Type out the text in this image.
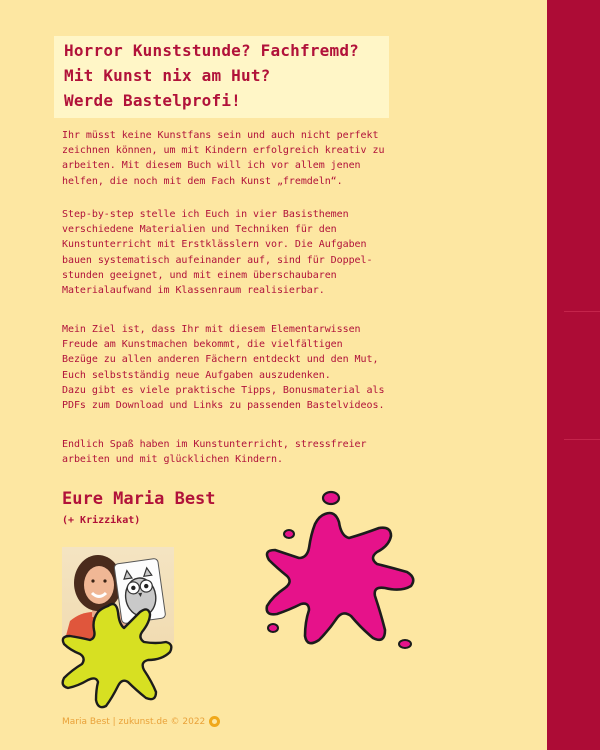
Horror Kunststunde? Fachfremd?
Mit Kunst nix am Hut?
Werde Bastelprofi!

Ihr müsst keine Kunstfans sein und auch nicht perfekt
zeichnen können, um mit Kindern erfolgreich kreativ zu
arbeiten. Mit diesem Buch will ich vor allem jenen
helfen, die noch mit dem Fach Kunst „fremdeln“.

Step-by-step stelle ich Euch in vier Basisthemen
verschiedene Materialien und Techniken für den
Kunstunterricht mit Erstklässlern vor. Die Aufgaben
bauen systematisch aufeinander auf, sind für Doppel-
stunden geeignet, und mit einem überschaubaren
Materialaufwand im Klassenraum realisierbar.

Mein Ziel ist, dass Ihr mit diesem Elementarwissen
Freude am Kunstmachen bekommt, die vielfältigen
Bezüge zu allen anderen Fächern entdeckt und den Mut,
Euch selbstständig neue Aufgaben auszudenken.
Dazu gibt es viele praktische Tipps, Bonusmaterial als
PDFs zum Download und Links zu passenden Bastelvideos.

Endlich Spaß haben im Kunstunterricht, stressfreier
arbeiten und mit glücklichen Kindern.

Eure Maria Best
(+ Krizzikat)
Maria Best | zukunst.de © 2022
